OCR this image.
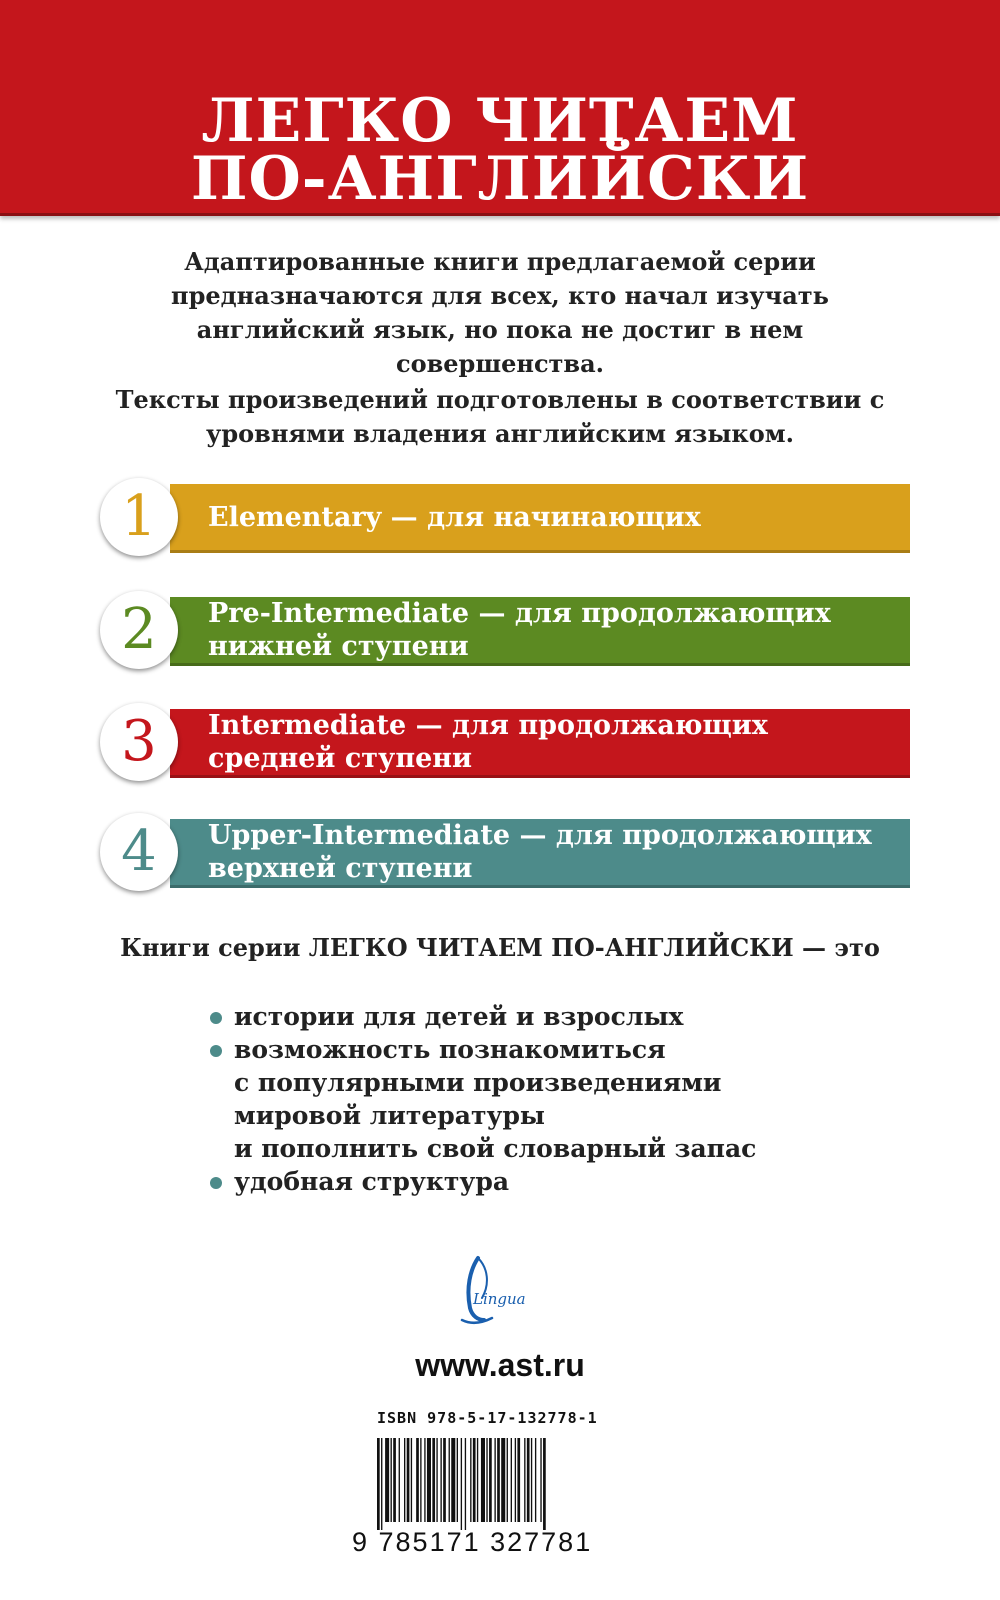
ЛЕГКО ЧИТАЕМ
ПО-АНГЛИЙСКИ
Адаптированные книги предлагаемой серии предназначаются для всех, кто начал изучать английский язык, но пока не достиг в нем совершенства.
Тексты произведений подготовлены в соответствии с уровнями владения английским языком.
1	Elementary — для начинающих
2	Pre-Intermediate — для продолжающих
нижней ступени
3	Intermediate — для продолжающих
средней ступени
4	Upper-Intermediate — для продолжающих
верхней ступени
Книги серии ЛЕГКО ЧИТАЕМ ПО-АНГЛИЙСКИ — это
истории для детей и взрослых
возможность познакомиться
с популярными произведениями
мировой литературы
и пополнить свой словарный запас
удобная структура
Lingua
www.ast.ru
ISBN 978-5-17-132778-1
9 785171 327781
